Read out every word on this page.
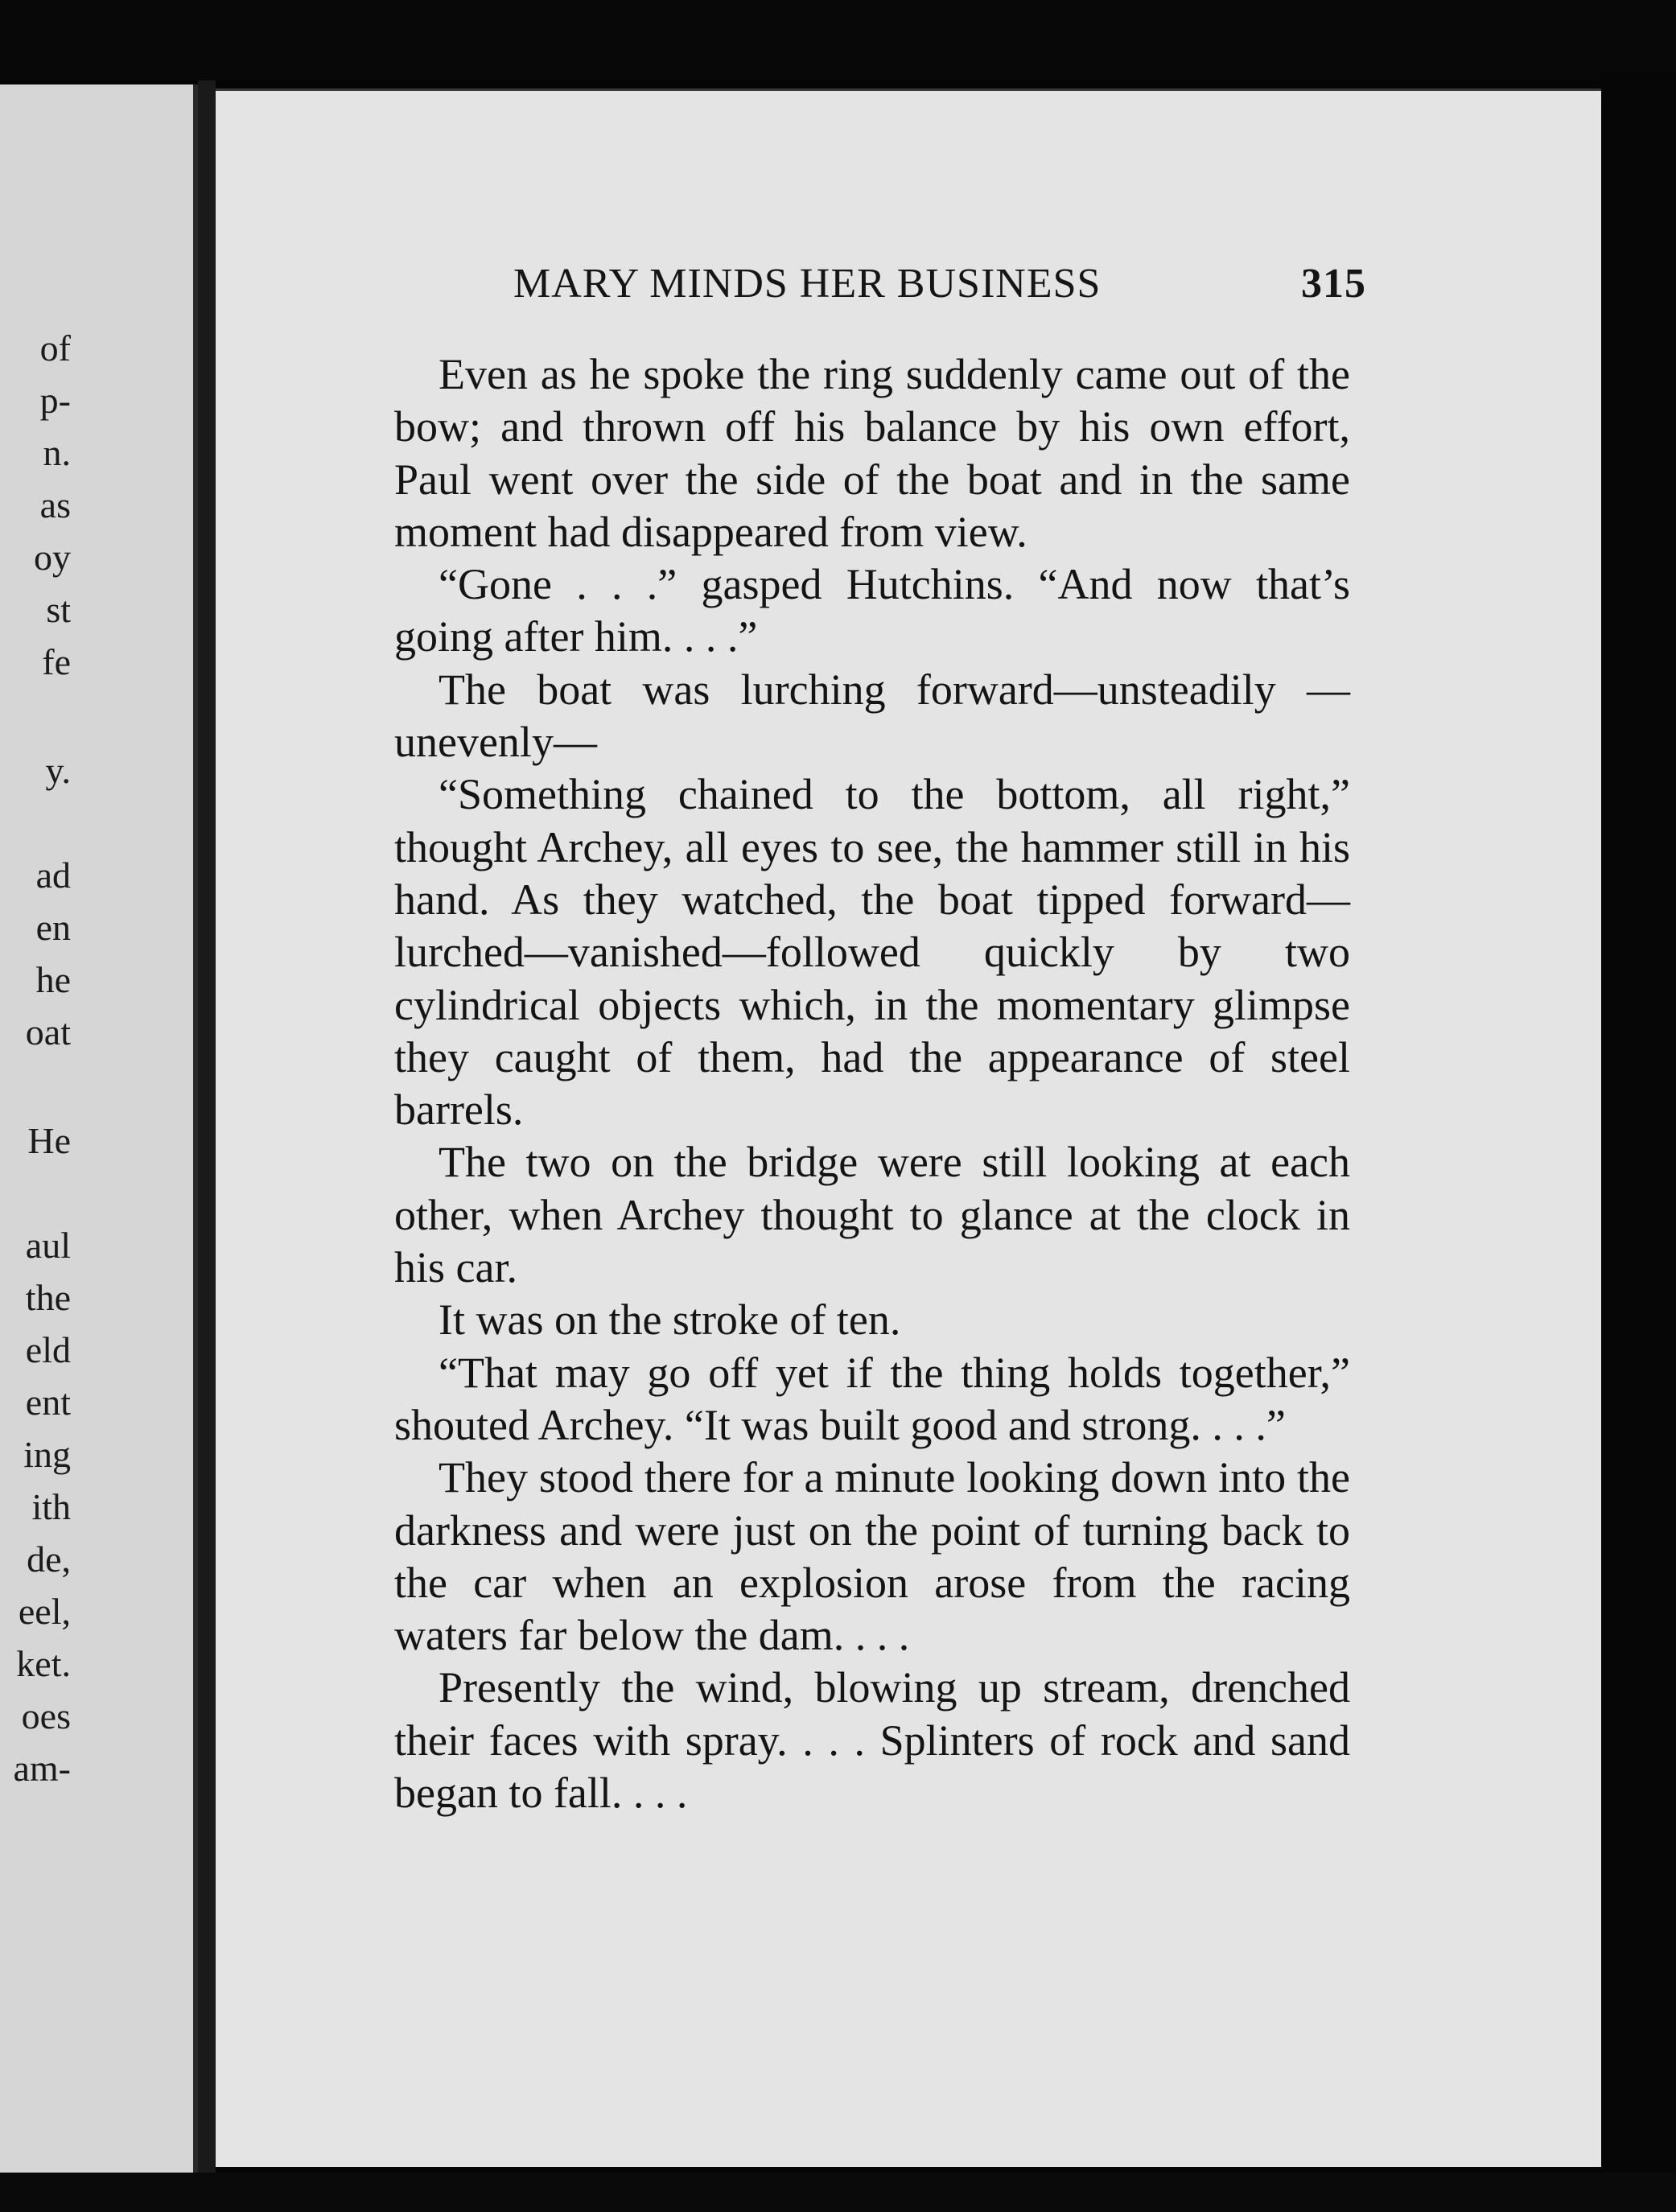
of
p-
n.
as
oy
st
fe
y.
ad
en
he
oat
He
aul
the
eld
ent
ing
ith
de,
eel,
ket.
oes
am-
MARY MINDS HER BUSINESS	315

Even as he spoke the ring suddenly came out of the bow; and thrown off his balance by his own effort, Paul went over the side of the boat and in the same moment had disappeared from view.

“Gone . . .” gasped Hutchins. “And now that’s going after him. . . .”

The boat was lurching forward—unsteadily —unevenly—

“Something chained to the bottom, all right,” thought Archey, all eyes to see, the hammer still in his hand. As they watched, the boat tipped forward—lurched—vanished—followed quickly by two cylindrical objects which, in the momentary glimpse they caught of them, had the appearance of steel barrels.

The two on the bridge were still looking at each other, when Archey thought to glance at the clock in his car.

It was on the stroke of ten.

“That may go off yet if the thing holds together,” shouted Archey. “It was built good and strong. . . .”

They stood there for a minute looking down into the darkness and were just on the point of turning back to the car when an explosion arose from the racing waters far below the dam. . . .

Presently the wind, blowing up stream, drenched their faces with spray. . . . Splinters of rock and sand began to fall. . . .
